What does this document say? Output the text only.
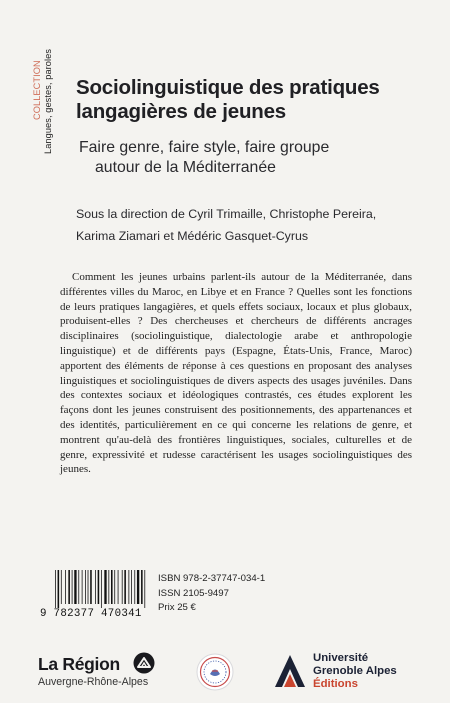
COLLECTION Langues, gestes, paroles Sociolinguistique des pratiques
langagières de jeunes
Faire genre, faire style, faire groupe
autour de la Méditerranée
Sous la direction de Cyril Trimaille, Christophe Pereira,
Karima Ziamari et Médéric Gasquet-Cyrus

Comment les jeunes urbains parlent-ils autour de la Méditerranée, dans différentes villes du Maroc, en Libye et en France ? Quelles sont les fonctions de leurs pratiques langagières, et quels effets sociaux, locaux et plus globaux, produisent-elles ? Des chercheuses et chercheurs de différents ancrages disciplinaires (sociolinguistique, dialectologie arabe et anthropologie linguistique) et de différents pays (Espagne, États-Unis, France, Maroc) apportent des éléments de réponse à ces questions en proposant des analyses linguistiques et sociolinguistiques de divers aspects des usages juvéniles. Dans des contextes sociaux et idéologiques contrastés, ces études explorent les façons dont les jeunes construisent des positionnements, des appartenances et des identités, particulièrement en ce qui concerne les relations de genre, et montrent qu'au-delà des frontières linguistiques, sociales, culturelles et de genre, expressivité et rudesse caractérisent les usages sociolinguistiques des jeunes.

9 782377 470341
ISBN 978-2-37747-034-1
ISSN 2105-9497
Prix 25 €
La Région
Auvergne-Rhône-Alpes
Université
Grenoble Alpes
Éditions
